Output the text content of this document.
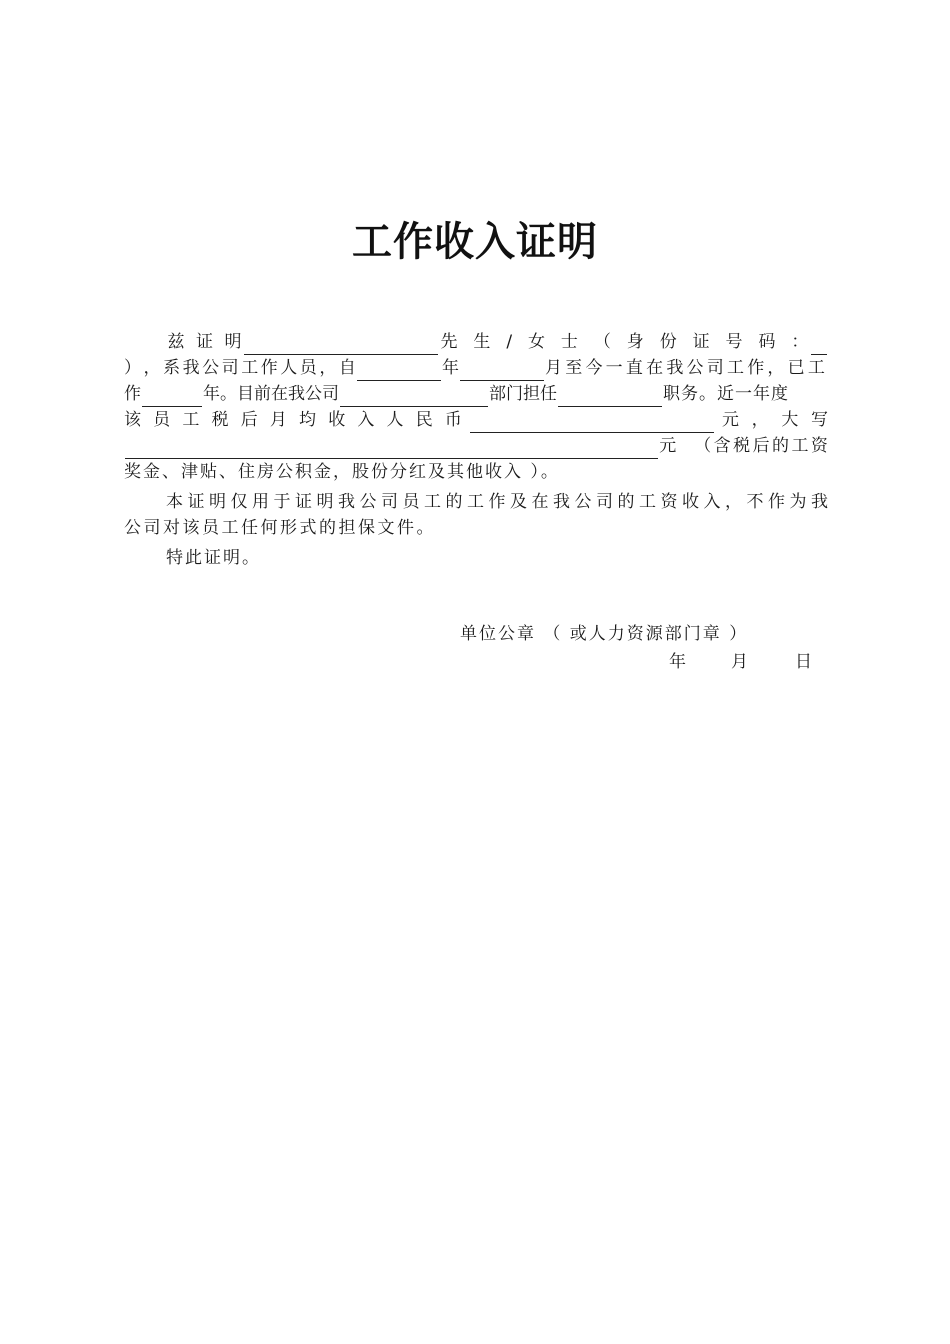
工作收入证明
兹 证 明	先 生 / 女 士 （ 身 份 证 号 码 ：
） ， 系 我 公 司 工 作 人 员 ， 自	年	月 至 今 一 直 在 我 公 司 工 作 ， 已 工
作	年。目前在我公司	部门担任	职务。近一年度
该 员 工 税 后 月 均 收 入 人 民 币	元 ， 大 写
元 （ 含 税 后 的 工 资
奖金、津贴、住房公积金，股份分红及其他收入 ）。
本 证 明 仅 用 于 证 明 我 公 司 员 工 的 工 作 及 在 我 公 司 的 工 资 收 入 ， 不 作 为 我
公司对该员工任何形式的担保文件。
特此证明。
单位公章 （ 或人力资源部门章 ）
年	月	日
